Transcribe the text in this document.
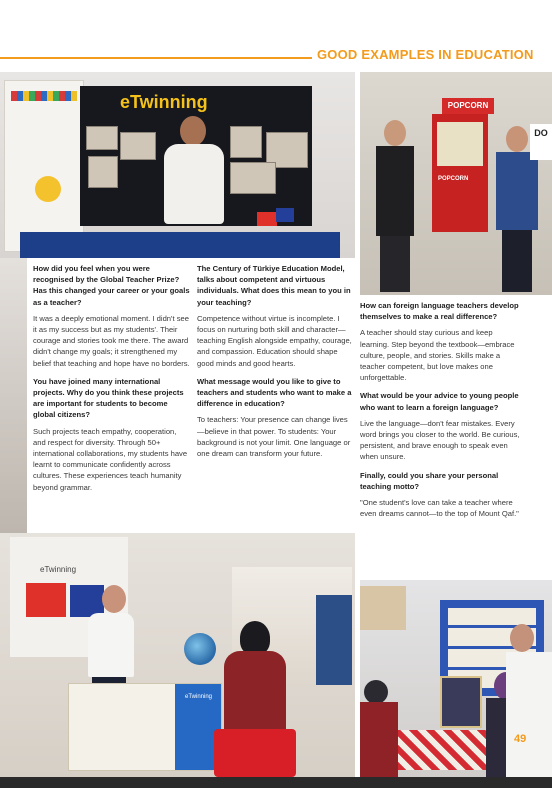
GOOD EXAMPLES IN EDUCATION
eTwinning	POPCORN
POPCORN
DO

How did you feel when you were recognised by the Global Teacher Prize? Has this changed your career or your goals as a teacher?

It was a deeply emotional moment. I didn't see it as my success but as my students'. Their courage and stories took me there. The award didn't change my goals; it strengthened my belief that teaching and hope have no borders.

You have joined many international projects. Why do you think these projects are important for students to become global citizens?

Such projects teach empathy, cooperation, and respect for diversity. Through 50+ international collaborations, my students have learnt to communicate confidently across cultures. These experiences teach humanity beyond grammar.

The Century of Türkiye Education Model, talks about competent and virtuous individuals. What does this mean to you in your teaching?

Competence without virtue is incomplete. I focus on nurturing both skill and character—teaching English alongside empathy, courage, and compassion. Education should shape good minds and good hearts.

What message would you like to give to teachers and students who want to make a difference in education?

To teachers: Your presence can change lives—believe in that power. To students: Your background is not your limit. One language or one dream can transform your future.

How can foreign language teachers develop themselves to make a real difference?

A teacher should stay curious and keep learning. Step beyond the textbook—embrace culture, people, and stories. Skills make a teacher competent, but love makes one unforgettable.

What would be your advice to young people who want to learn a foreign language?

Live the language—don't fear mistakes. Every word brings you closer to the world. Be curious, persistent, and brave enough to speak even when unsure.

Finally, could you share your personal teaching motto?

"One student's love can take a teacher where even dreams cannot—to the top of Mount Qaf."

eTwinning
eTwinning
49
